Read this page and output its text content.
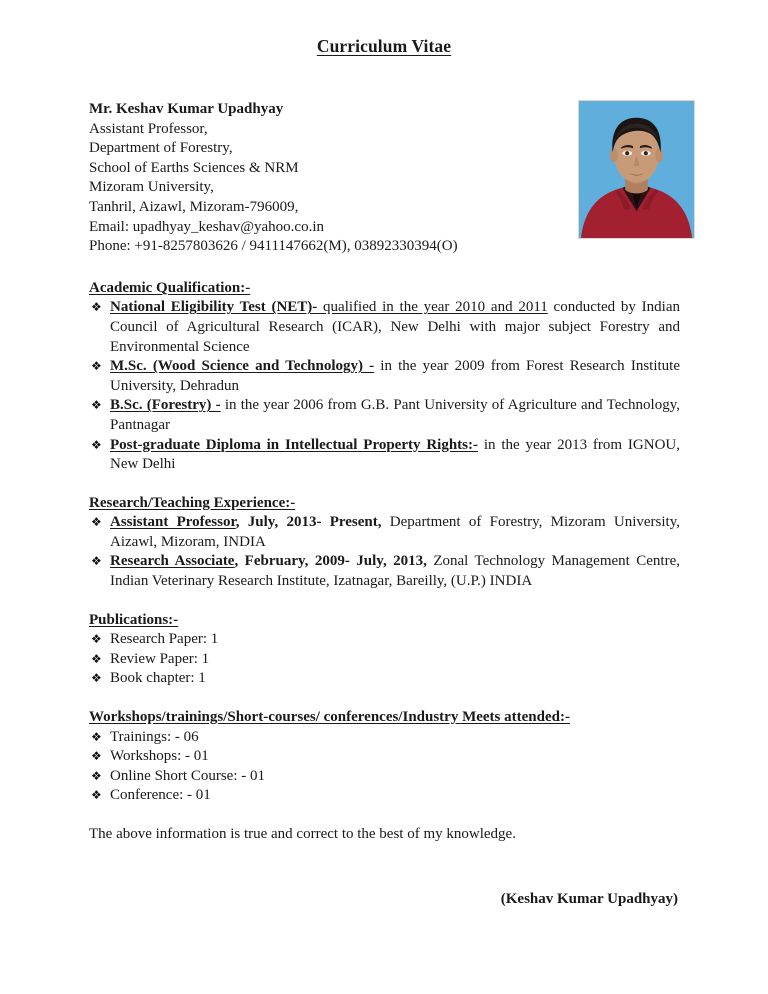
Curriculum Vitae
Mr. Keshav Kumar Upadhyay
Assistant Professor,
Department of Forestry,
School of Earths Sciences & NRM
Mizoram University,
Tanhril, Aizawl, Mizoram-796009,
Email: upadhyay_keshav@yahoo.co.in
Phone: +91-8257803626 / 9411147662(M), 03892330394(O)
Academic Qualification:-
❖ National Eligibility Test (NET)- qualified in the year 2010 and 2011 conducted by Indian Council of Agricultural Research (ICAR), New Delhi with major subject Forestry and Environmental Science
❖ M.Sc. (Wood Science and Technology) - in the year 2009 from Forest Research Institute University, Dehradun
❖ B.Sc. (Forestry) - in the year 2006 from G.B. Pant University of Agriculture and Technology, Pantnagar
❖ Post-graduate Diploma in Intellectual Property Rights:- in the year 2013 from IGNOU, New Delhi
Research/Teaching Experience:-
❖ Assistant Professor, July, 2013- Present, Department of Forestry, Mizoram University, Aizawl, Mizoram, INDIA
❖ Research Associate, February, 2009- July, 2013, Zonal Technology Management Centre, Indian Veterinary Research Institute, Izatnagar, Bareilly, (U.P.) INDIA
Publications:-
❖ Research Paper: 1
❖ Review Paper: 1
❖ Book chapter: 1
Workshops/trainings/Short-courses/ conferences/Industry Meets attended:-
❖ Trainings: - 06
❖ Workshops: - 01
❖ Online Short Course: - 01
❖ Conference: - 01
The above information is true and correct to the best of my knowledge.
(Keshav Kumar Upadhyay)
